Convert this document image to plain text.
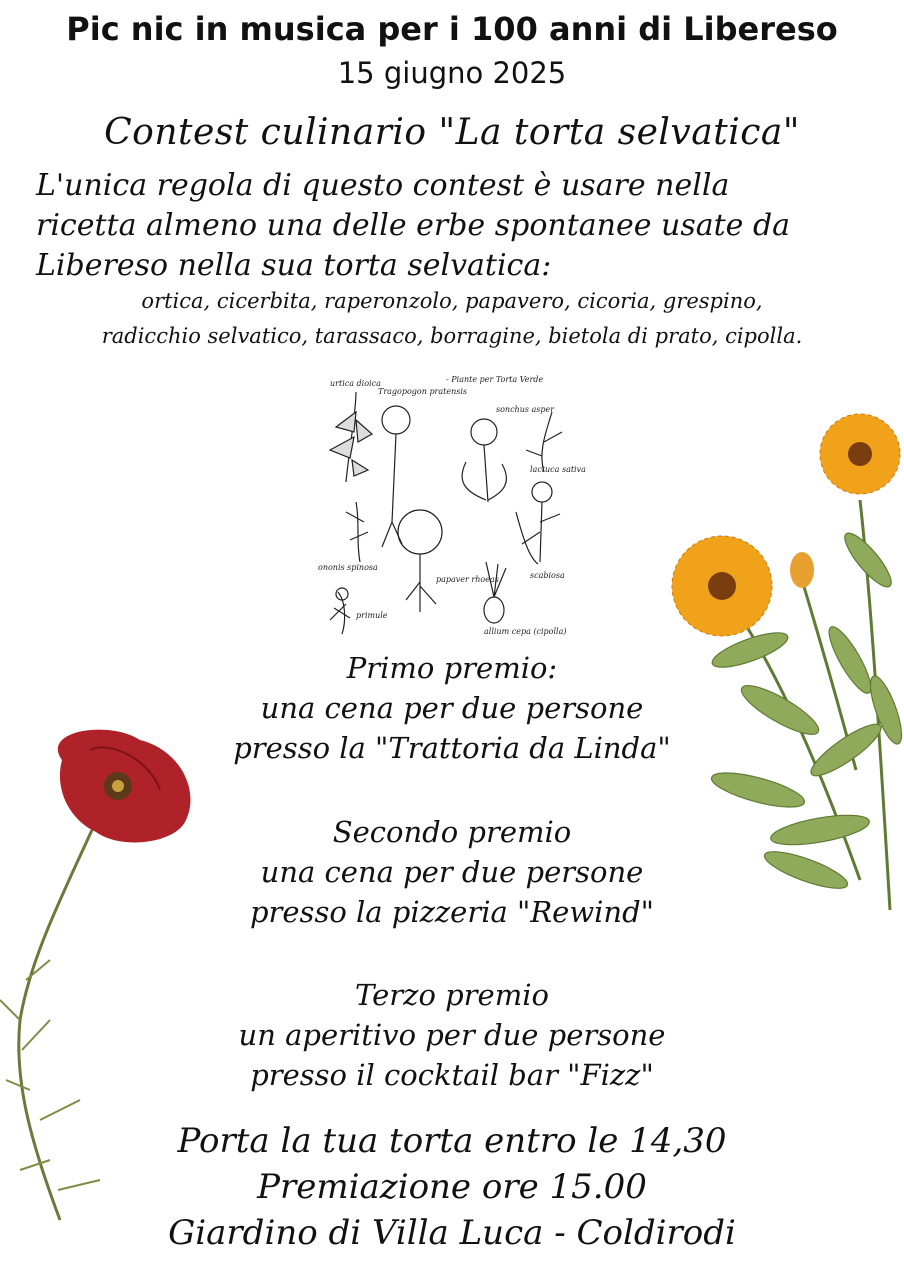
Pic nic in musica per i 100 anni di Libereso
15 giugno 2025
Contest culinario "La torta selvatica"
L'unica regola di questo contest è usare nella
ricetta almeno una delle erbe spontanee usate da
Libereso nella sua torta selvatica:
ortica, cicerbita, raperonzolo, papavero, cicoria, grespino,
radicchio selvatico, tarassaco, borragine, bietola di prato, cipolla.
urtica dioica
Tragopogon pratensis
- Piante per Torta Verde
sonchus asper
lactuca sativa
ononis spinosa
papaver rhoeas	scabiosa
primule
allium cepa (cipolla)
Primo premio:
una cena per due persone
presso la "Trattoria da Linda"
Secondo premio
una cena per due persone
presso la pizzeria "Rewind"
Terzo premio
un aperitivo per due persone
presso il cocktail bar "Fizz"
Porta la tua torta entro le 14,30
Premiazione ore 15.00
Giardino di Villa Luca - Coldirodi
